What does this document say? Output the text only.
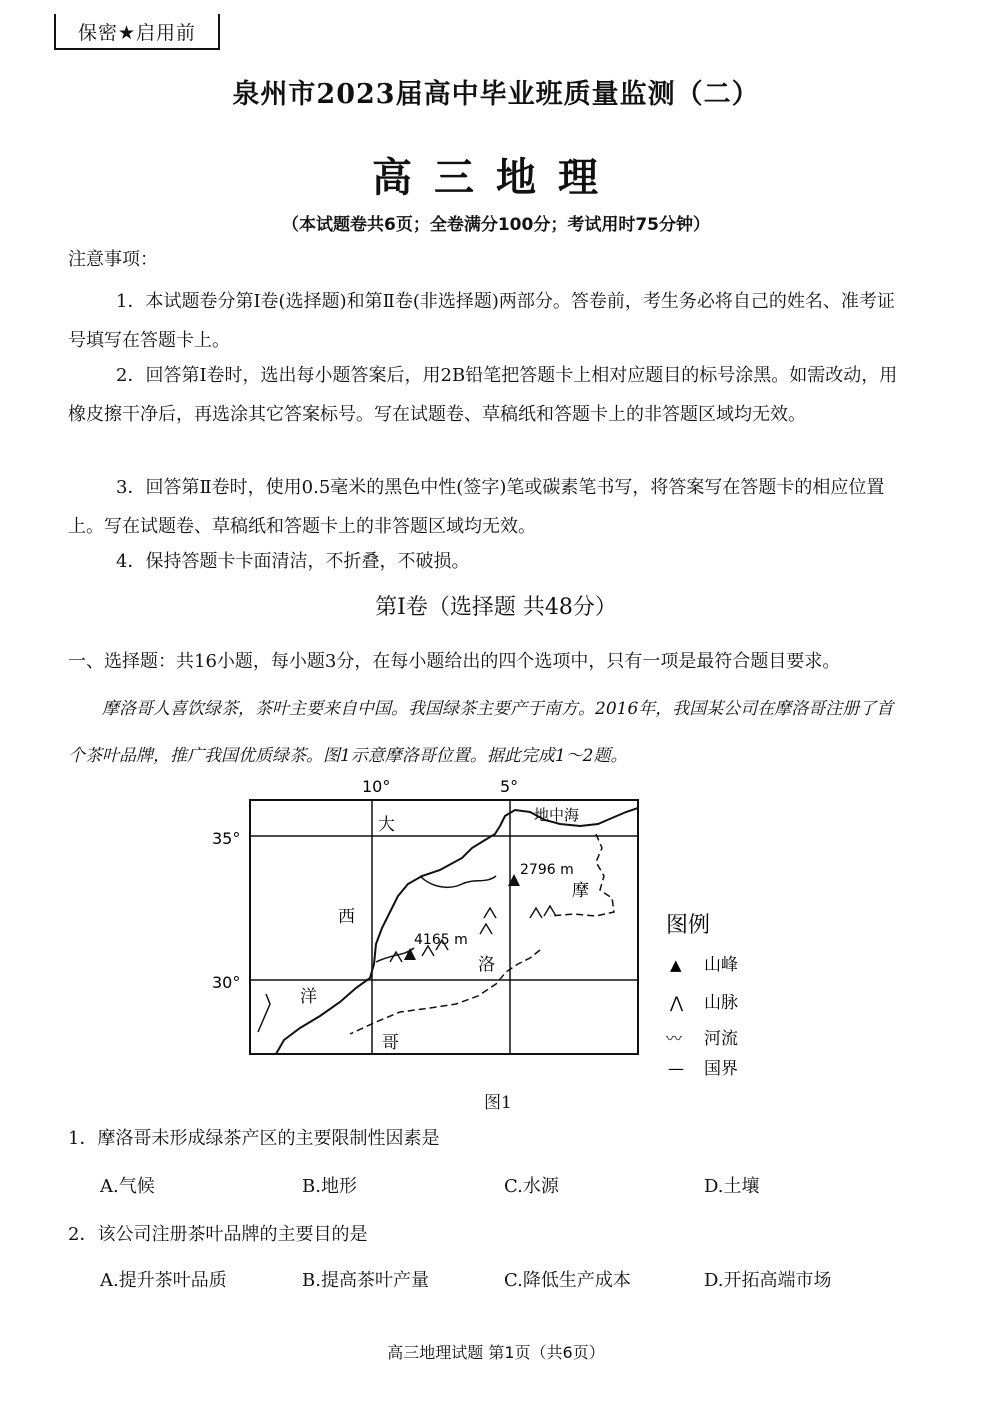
保密★启用前
泉州市2023届高中毕业班质量监测（二）
高三地理
（本试题卷共6页；全卷满分100分；考试用时75分钟）
注意事项：
1．本试题卷分第Ⅰ卷(选择题)和第Ⅱ卷(非选择题)两部分。答卷前，考生务必将自己的姓名、准考证号填写在答题卡上。
2．回答第Ⅰ卷时，选出每小题答案后，用2B铅笔把答题卡上相对应题目的标号涂黑。如需改动，用橡皮擦干净后，再选涂其它答案标号。写在试题卷、草稿纸和答题卡上的非答题区域均无效。
3．回答第Ⅱ卷时，使用0.5毫米的黑色中性(签字)笔或碳素笔书写，将答案写在答题卡的相应位置上。写在试题卷、草稿纸和答题卡上的非答题区域均无效。
4．保持答题卡卡面清洁，不折叠，不破损。
第Ⅰ卷（选择题 共48分）
一、选择题：共16小题，每小题3分，在每小题给出的四个选项中，只有一项是最符合题目要求。
摩洛哥人喜饮绿茶，茶叶主要来自中国。我国绿茶主要产于南方。2016年，我国某公司在摩洛哥注册了首个茶叶品牌，推广我国优质绿茶。图1示意摩洛哥位置。据此完成1～2题。
10°	5°
35°
30°
地中海
大
西
洋
摩
洛
哥
2796 m
4165 m
图例
▲ 山峰
⋀ 山脉
〰 河流
— 国界
图1
1．摩洛哥未形成绿茶产区的主要限制性因素是
A.气候	B.地形	C.水源	D.土壤
2．该公司注册茶叶品牌的主要目的是
A.提升茶叶品质	B.提高茶叶产量	C.降低生产成本	D.开拓高端市场
高三地理试题 第1页（共6页）
